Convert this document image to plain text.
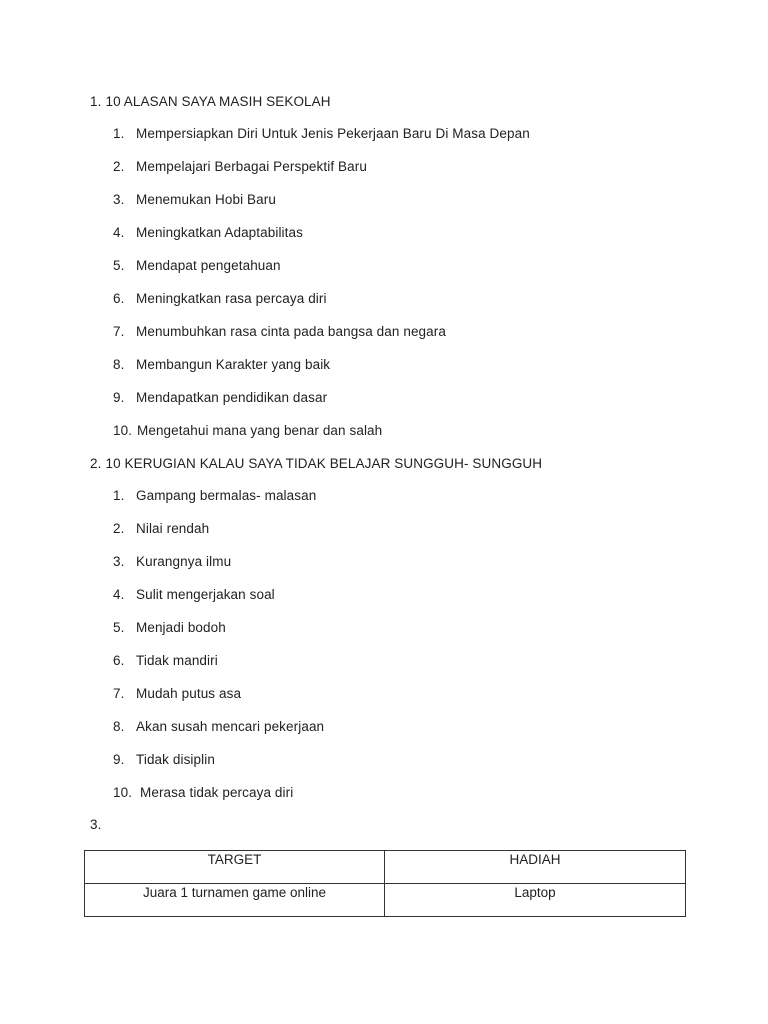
1. 10 ALASAN SAYA MASIH SEKOLAH
1. Mempersiapkan Diri Untuk Jenis Pekerjaan Baru Di Masa Depan
2. Mempelajari Berbagai Perspektif Baru
3. Menemukan Hobi Baru
4. Meningkatkan Adaptabilitas
5. Mendapat pengetahuan
6. Meningkatkan rasa percaya diri
7. Menumbuhkan rasa cinta pada bangsa dan negara
8. Membangun Karakter yang baik
9. Mendapatkan pendidikan dasar
10. Mengetahui mana yang benar dan salah
2. 10 KERUGIAN KALAU SAYA TIDAK BELAJAR SUNGGUH- SUNGGUH
1. Gampang bermalas- malasan
2. Nilai rendah
3. Kurangnya ilmu
4. Sulit mengerjakan soal
5. Menjadi bodoh
6. Tidak mandiri
7. Mudah putus asa
8. Akan susah mencari pekerjaan
9. Tidak disiplin
10. Merasa tidak percaya diri
3.
TARGET	HADIAH

Juara 1 turnamen game online	Laptop
